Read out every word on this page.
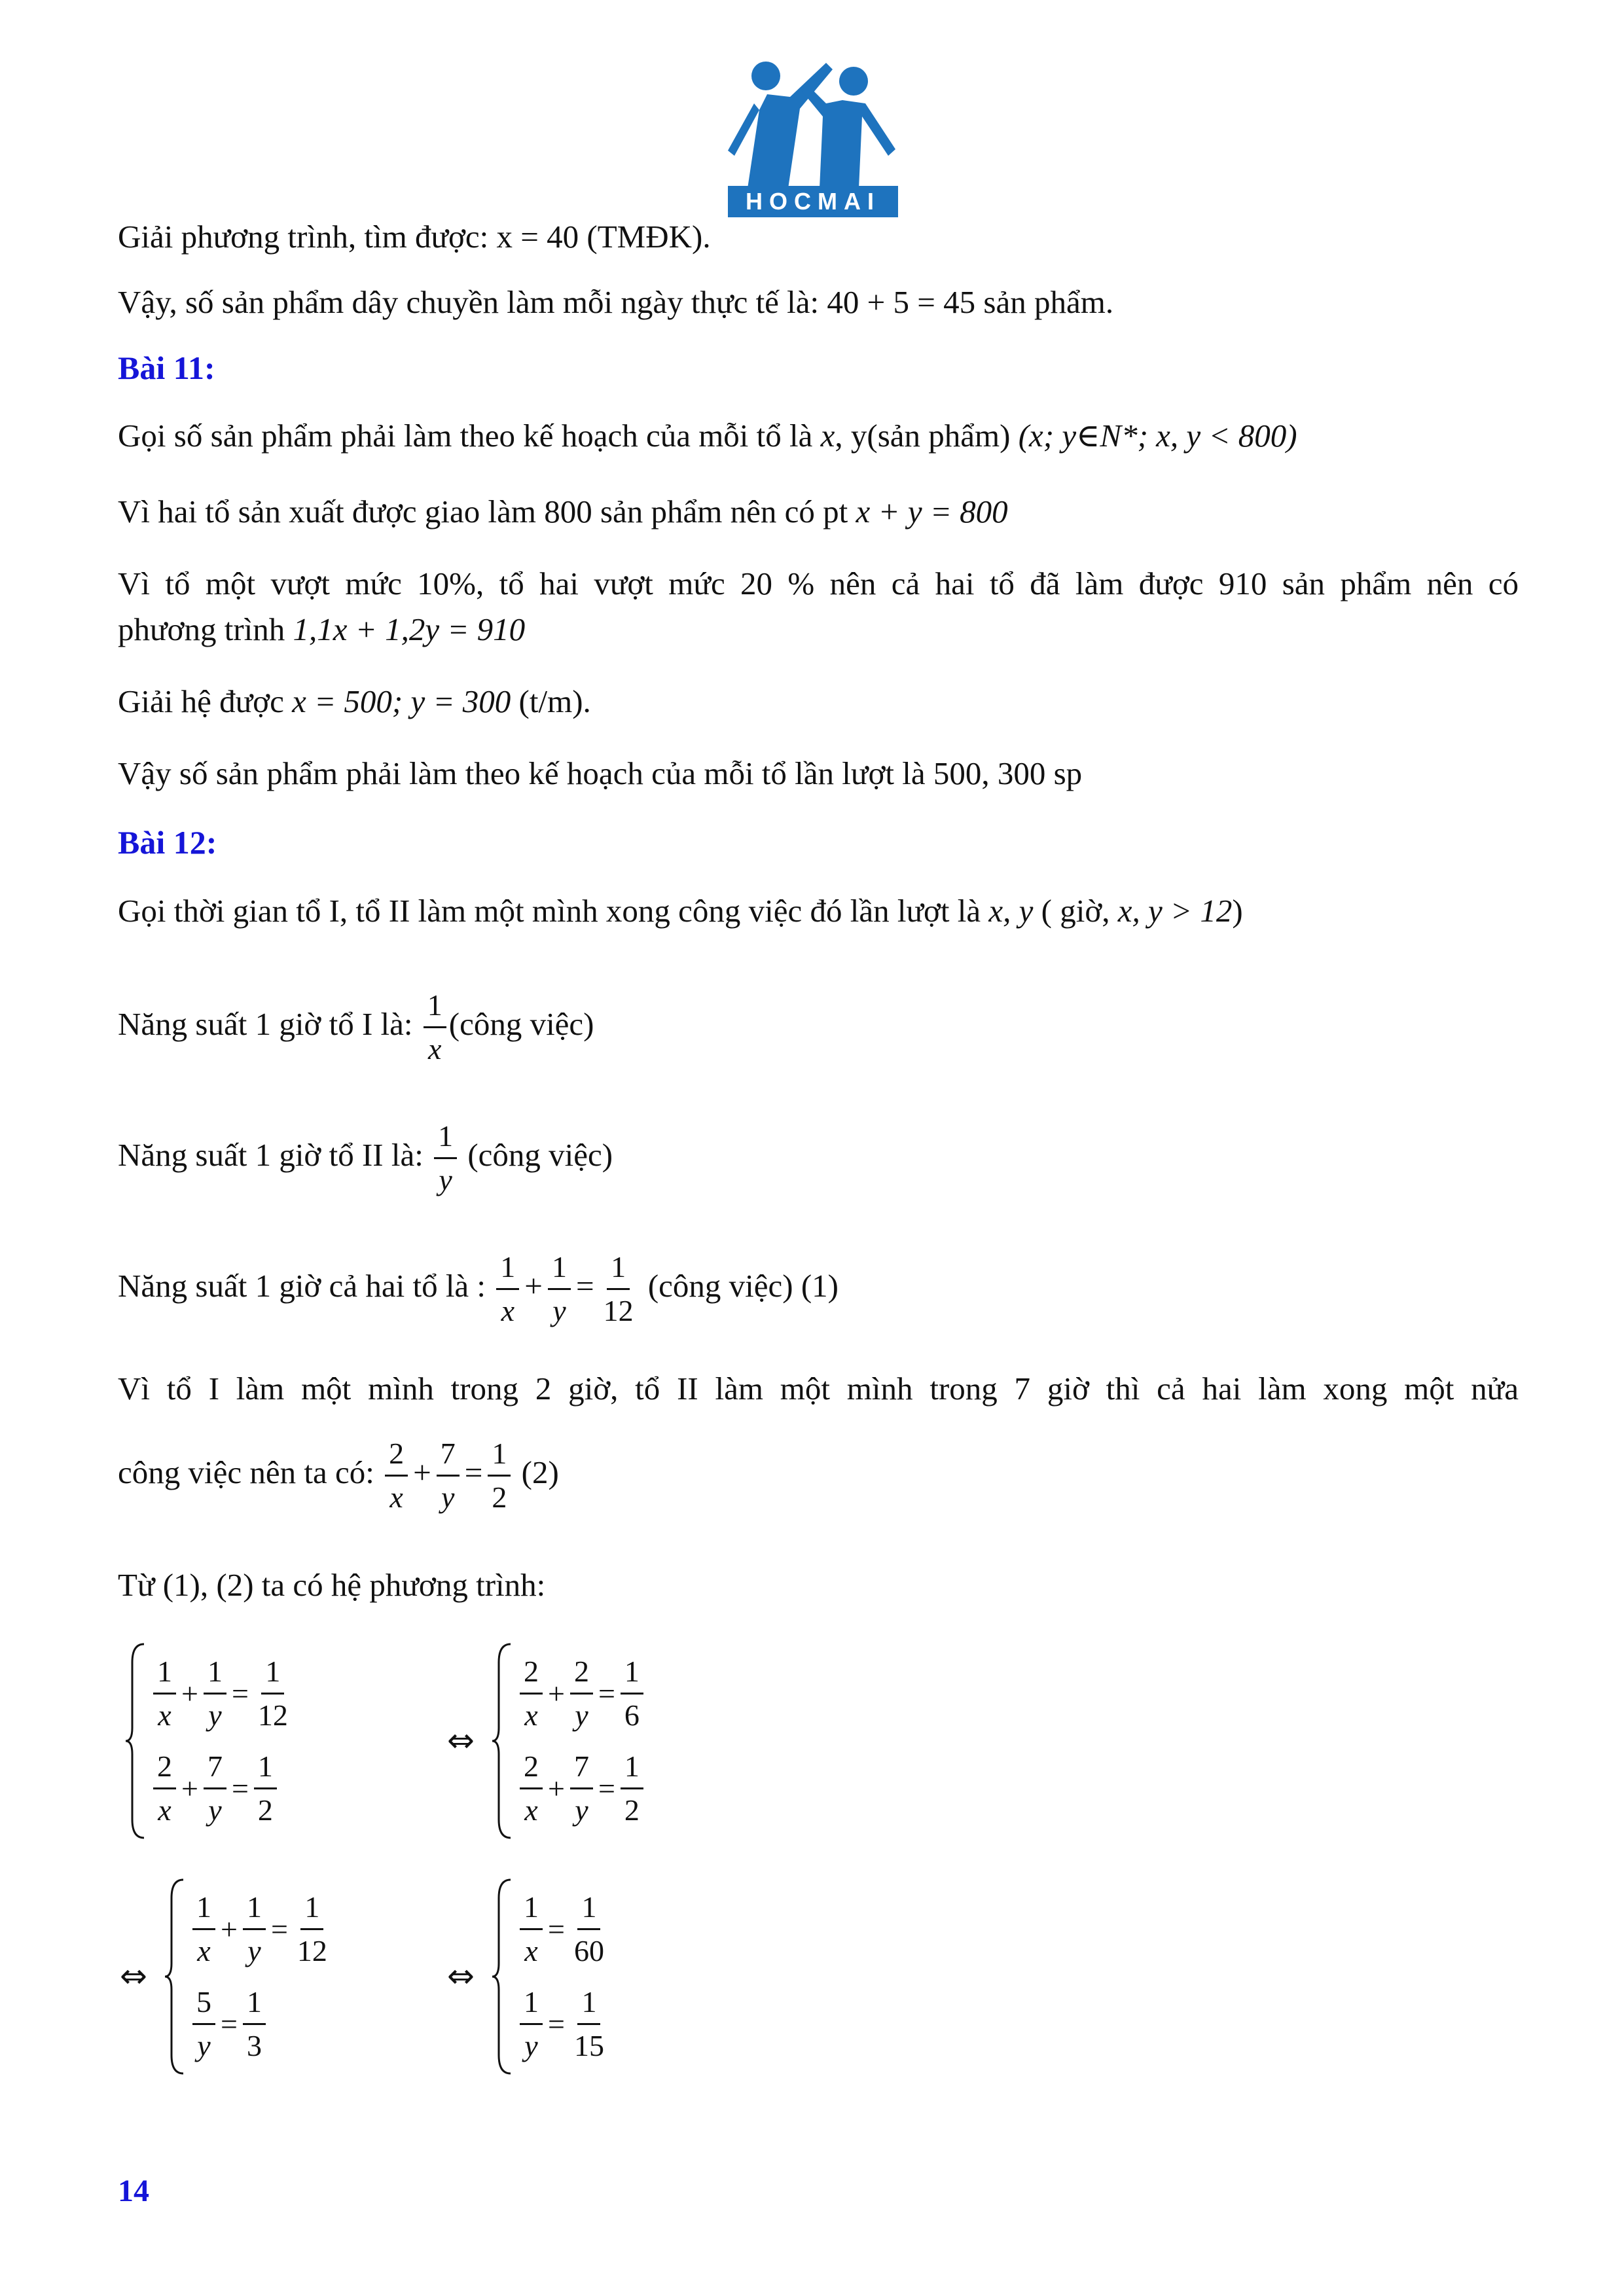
HOCMAI
Giải phương trình, tìm được: x = 40 (TMĐK).
Vậy, số sản phẩm dây chuyền làm mỗi ngày thực tế là: 40 + 5 = 45 sản phẩm.
Bài 11:
Gọi số sản phẩm phải làm theo kế hoạch của mỗi tổ là x, y(sản phẩm) (x; y∈N*; x, y < 800)
Vì hai tổ sản xuất được giao làm 800 sản phẩm nên có pt x + y = 800
Vì tổ một vượt mức 10%, tổ hai vượt mức 20 % nên cả hai tổ đã làm được 910 sản phẩm nên có
phương trình 1,1x + 1,2y = 910
Giải hệ được x = 500; y = 300 (t/m).
Vậy số sản phẩm phải làm theo kế hoạch của mỗi tổ lần lượt là 500, 300 sp
Bài 12:
Gọi thời gian tổ I, tổ II làm một mình xong công việc đó lần lượt là x, y ( giờ, x, y > 12)
Năng suất 1 giờ tổ I là: $\frac{1}{x}$ (công việc)
Năng suất 1 giờ tổ II là: $\frac{1}{y}$ (công việc)
Năng suất 1 giờ cả hai tổ là : $\frac{1}{x} + \frac{1}{y} = \frac{1}{12}$ (công việc) (1)
Vì tổ I làm một mình trong 2 giờ, tổ II làm một mình trong 7 giờ thì cả hai làm xong một nửa
công việc nên ta có: $\frac{2}{x} + \frac{7}{y} = \frac{1}{2} (2)$
Từ (1), (2) ta có hệ phương trình:
$\frac{1}{x} + \frac{1}{y} = \frac{1}{12}$
$\frac{2}{x} + \frac{7}{y} = \frac{1}{2}$
⇔
$\frac{2}{x} + \frac{2}{y} = \frac{1}{6}$
$\frac{2}{x} + \frac{7}{y} = \frac{1}{2}$
⇔
$\frac{1}{x} + \frac{1}{y} = \frac{1}{12}$
$\frac{5}{y} = \frac{1}{3}$
⇔
$\frac{1}{x} = \frac{1}{60}$
$\frac{1}{y} = \frac{1}{15}$
14
